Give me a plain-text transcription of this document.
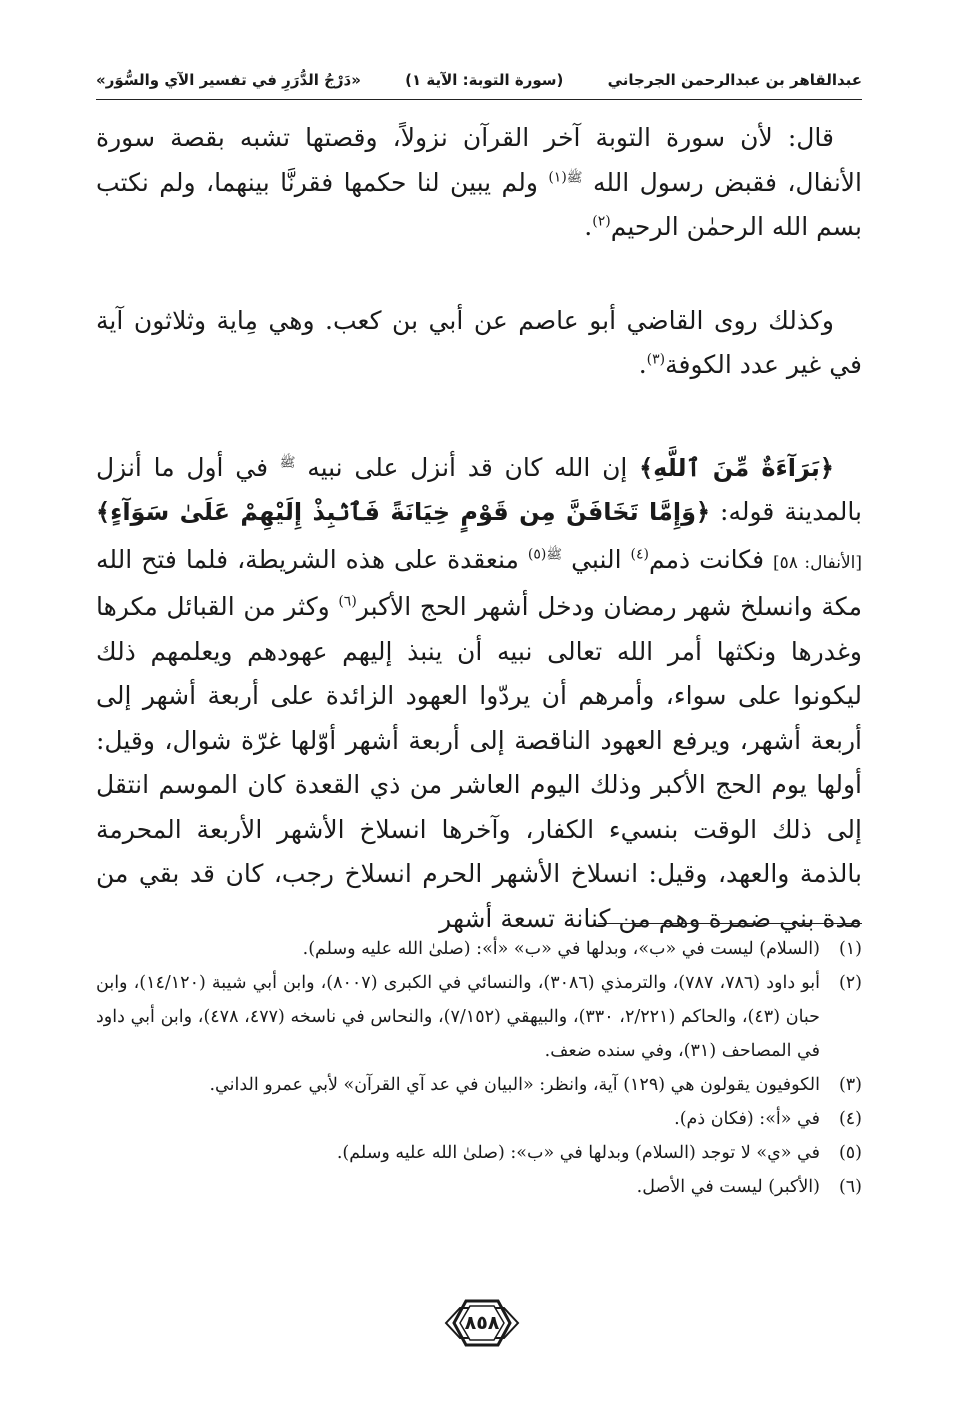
عبدالقاهر بن عبدالرحمن الجرجاني
(سورة التوبة: الآية ١)
«دَرْجُ الدُّرَرِ في تفسير الآي والسُّوَر»

قال: لأن سورة التوبة آخر القرآن نزولاً، وقصتها تشبه بقصة سورة الأنفال، فقبض رسول الله $^{ﷺ(١)}$ ولم يبين لنا حكمها فقرنَّا بينهما، ولم نكتب بسم الله الرحمٰن الرحيم$^{(٢)}$.

وكذلك روى القاضي أبو عاصم عن أبي بن كعب. وهي مِاية وثلاثون آية في غير عدد الكوفة$^{(٣)}$.

﴿بَرَآءَةٌ مِّنَ ٱللَّهِ﴾ إن الله كان قد أنزل على نبيه $^ﷺ$ في أول ما أنزل بالمدينة قوله: ﴿وَإِمَّا تَخَافَنَّ مِن قَوْمٍ خِيَانَةً فَٱنۢبِذْ إِلَيْهِمْ عَلَىٰ سَوَآءٍ﴾ [الأنفال: ٥٨] فكانت ذمم$^{(٤)}$ النبي $^{ﷺ(٥)}$ منعقدة على هذه الشريطة، فلما فتح الله مكة وانسلخ شهر رمضان ودخل أشهر الحج الأكبر$^{(٦)}$ وكثر من القبائل مكرها وغدرها ونكثها أمر الله تعالى نبيه أن ينبذ إليهم عهودهم ويعلمهم ذلك ليكونوا على سواء، وأمرهم أن يردّوا العهود الزائدة على أربعة أشهر إلى أربعة أشهر، ويرفع العهود الناقصة إلى أربعة أشهر أوّلها غرّة شوال، وقيل: أولها يوم الحج الأكبر وذلك اليوم العاشر من ذي القعدة كان الموسم انتقل إلى ذلك الوقت بنسيء الكفار، وآخرها انسلاخ الأشهر الأربعة المحرمة بالذمة والعهد، وقيل: انسلاخ الأشهر الحرم انسلاخ رجب، كان قد بقي من مدة بني ضمرة وهم من كنانة تسعة أشهر

(١)
(السلام) ليست في «ب»، وبدلها في «ب» «أ»: (صلىٰ الله عليه وسلم).
(٢)
أبو داود (٧٨٦، ٧٨٧)، والترمذي (٣٠٨٦)، والنسائي في الكبرى (٨٠٠٧)، وابن أبي شيبة (١٤/١٢٠)، وابن حبان (٤٣)، والحاكم (٢/٢٢١، ٣٣٠)، والبيهقي (٧/١٥٢)، والنحاس في ناسخه (٤٧٧، ٤٧٨)، وابن أبي داود في المصاحف (٣١)، وفي سنده ضعف.
(٣)
الكوفيون يقولون هي (١٢٩) آية، وانظر: «البيان في عد آي القرآن» لأبي عمرو الداني.
(٤)
في «أ»: (فكان ذم).
(٥)
في «ي» لا توجد (السلام) وبدلها في «ب»: (صلىٰ الله عليه وسلم).
(٦)
(الأكبر) ليست في الأصل.
٨٥٨
